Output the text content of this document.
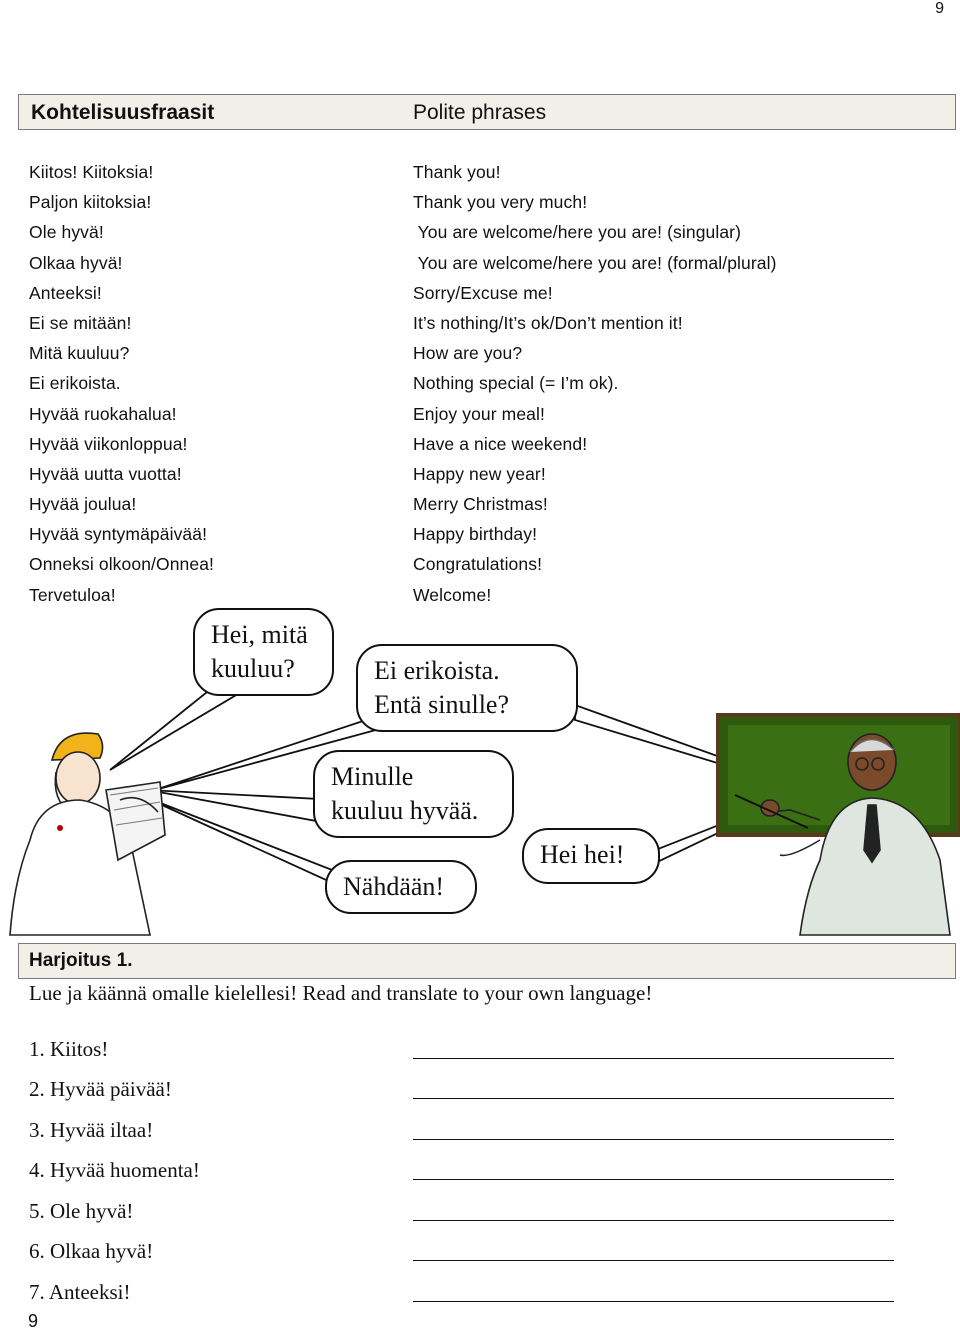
9
Kohtelisuusfraasit	Polite phrases
Kiitos! Kiitoksia!
Paljon kiitoksia!
Ole hyvä!
Olkaa hyvä!
Anteeksi!
Ei se mitään!
Mitä kuuluu?
Ei erikoista.
Hyvää ruokahalua!
Hyvää viikonloppua!
Hyvää uutta vuotta!
Hyvää joulua!
Hyvää syntymäpäivää!
Onneksi olkoon/Onnea!
Tervetuloa!
Thank you!
Thank you very much!
You are welcome/here you are! (singular)
You are welcome/here you are! (formal/plural)
Sorry/Excuse me!
It’s nothing/It’s ok/Don’t mention it!
How are you?
Nothing special (= I’m ok).
Enjoy your meal!
Have a nice weekend!
Happy new year!
Merry Christmas!
Happy birthday!
Congratulations!
Welcome!
Hei, mitä
kuuluu?	Ei erikoista.
Entä sinulle?
Minulle
kuuluu hyvää.
Nähdään!
Hei hei!
Harjoitus 1.
Lue ja käännä omalle kielellesi! Read and translate to your own language!
1. Kiitos!
2. Hyvää päivää!
3. Hyvää iltaa!
4. Hyvää huomenta!
5. Ole hyvä!
6. Olkaa hyvä!
7. Anteeksi!
9
